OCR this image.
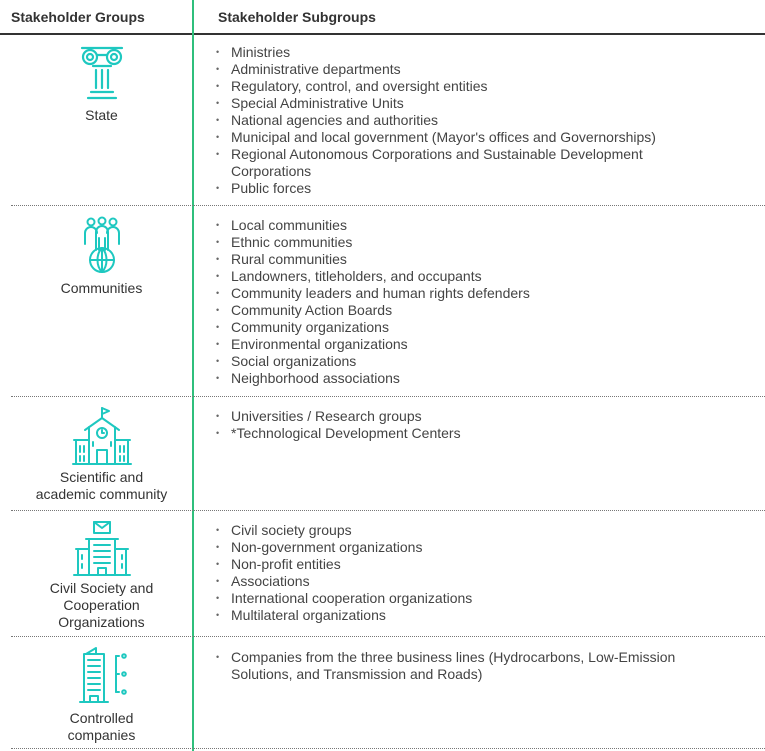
Stakeholder Groups	Stakeholder Subgroups
State
• Ministries
• Administrative departments
• Regulatory, control, and oversight entities
• Special Administrative Units
• National agencies and authorities
• Municipal and local government (Mayor's offices and Governorships)
• Regional Autonomous Corporations and Sustainable Development Corporations
• Public forces
Communities
• Local communities
• Ethnic communities
• Rural communities
• Landowners, titleholders, and occupants
• Community leaders and human rights defenders
• Community Action Boards
• Community organizations
• Environmental organizations
• Social organizations
• Neighborhood associations
Scientific and
academic community
• Universities / Research groups
• *Technological Development Centers
Civil Society and
Cooperation
Organizations
• Civil society groups
• Non-government organizations
• Non-profit entities
• Associations
• International cooperation organizations
• Multilateral organizations
Controlled
companies
• Companies from the three business lines (Hydrocarbons, Low-Emission Solutions, and Transmission and Roads)
